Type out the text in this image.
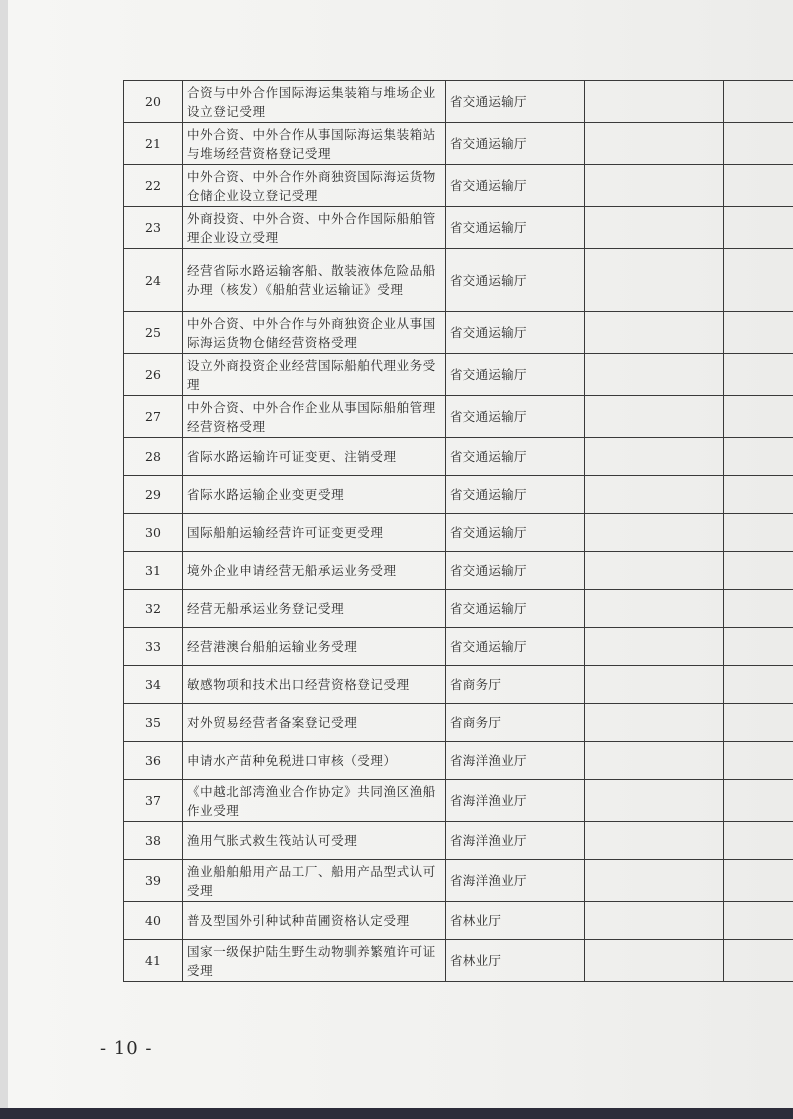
20	合资与中外合作国际海运集装箱与堆场企业设立登记受理	省交通运输厅		
21	中外合资、中外合作从事国际海运集装箱站与堆场经营资格登记受理	省交通运输厅		
22	中外合资、中外合作外商独资国际海运货物仓储企业设立登记受理	省交通运输厅		
23	外商投资、中外合资、中外合作国际船舶管理企业设立受理	省交通运输厅		
24	经营省际水路运输客船、散装液体危险品船办理（核发）《船舶营业运输证》受理	省交通运输厅		
25	中外合资、中外合作与外商独资企业从事国际海运货物仓储经营资格受理	省交通运输厅		
26	设立外商投资企业经营国际船舶代理业务受理	省交通运输厅		
27	中外合资、中外合作企业从事国际船舶管理经营资格受理	省交通运输厅		
28	省际水路运输许可证变更、注销受理	省交通运输厅		
29	省际水路运输企业变更受理	省交通运输厅		
30	国际船舶运输经营许可证变更受理	省交通运输厅		
31	境外企业申请经营无船承运业务受理	省交通运输厅		
32	经营无船承运业务登记受理	省交通运输厅		
33	经营港澳台船舶运输业务受理	省交通运输厅		
34	敏感物项和技术出口经营资格登记受理	省商务厅		
35	对外贸易经营者备案登记受理	省商务厅		
36	申请水产苗种免税进口审核（受理）	省海洋渔业厅		
37	《中越北部湾渔业合作协定》共同渔区渔船作业受理	省海洋渔业厅		
38	渔用气胀式救生筏站认可受理	省海洋渔业厅		
39	渔业船舶船用产品工厂、船用产品型式认可受理	省海洋渔业厅		
40	普及型国外引种试种苗圃资格认定受理	省林业厅		
41	国家一级保护陆生野生动物驯养繁殖许可证受理	省林业厅		
- 10 -
